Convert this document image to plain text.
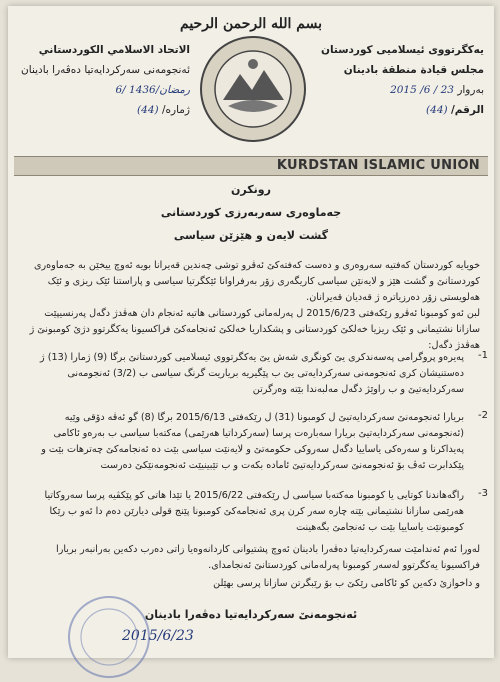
بسم الله الرحمن الرحيم
یەکگرتووی ئیسلامیی کوردستان
مجلس قيادة منطقة بادينان
بەروار 23 / 6/ 2015
الرقم/ (44)
الاتحاد الاسلامي الكوردستاني
ئەنجومەنی سەرکردایەتیا دەڤەرا بادینان
6/ رمضان/1436
ژمارە/ (44)
KURDSTAN ISLAMIC UNION
رونکرن
جەماوەری سەربەرزی کوردستانی
گشت لایەن و هێزێن سیاسی
خویایە کوردستان کەفتیە سەروەری و دەست کەفتەکێ ئەڤرو توشی چەندین قەیرانا بویە ئەوچ ییخێن بە جەماوەری کوردستانێ و گشت هێز و لایەنێن سیاسی کاریگەری زۆر بەرفراوانا ئێکگرتیا سیاسی و پاراستنا ئێک ریزی و ئێک هەلویستی زۆر دەرزیاترە ژ قەدیان قەیرانان.
لبن ئەو کومبونا ئەڤرو رێکەفتی 2015/6/23 ل پەرلەمانی کوردستانی هاتیە ئەنجام دان ھەڤدژ دگەل پەرنسیپێت سازانا نشتیمانی و ئێک ریزیا خەلکێ کوردستانی و پشکداریا خەلکێ ئەنجامەکێ فراکسیونا یەکگرتوو دژێ کومبونێ ژ ھەڤدژ دگەل:
-1
پەیرەو پروگرامی پەسەندکری یێ کونگری شەش یێ یەکگرتووی ئیسلامیی کوردستانێ برگا (9) ژمارا (13) ژ دەستنیشان کری ئەنجومەنی سەرکردایەتی یێ ب پێگیریە بریاریت گرنگ سیاسی ب (3/2) ئەنجومەنی سەرکردایەتیێ و ب راوێژ دگەل مەلبەندا بێتە وەرگرتن
-2
بریارا ئەنجومەنێ سەرکردایەتیێ ل کومبونا (31) ل رێکەفتی 2015/6/13 برگا (8) گو ئەڤە دۆقی وێیە (ئەنجومەنی سەرکردایەتیێ بریارا سەبارەت پرسا (سەرکرداتیا هەرێمی) مەکتەبا سیاسی ب بەرەو ئاکامی پەیداکرنا و سەرەکی یاساییا دگەل سەروکی حکومەتێ و لایەنێت سیاسی بێت دە ئەنجامەکێ چەترهات بێت و پێکدابرت ئەڤ بۆ ئەنجومەنێ سەرکردایەتیێ ئامادە بکەت و ب تێبینیێت ئەنجومەنێکێ دەرست
-3
راگەهاندنا کوتایی یا کومبونا مەکتەبا سیاسی ل رێکەفتی 2015/6/22 یا تێدا هاتی کو پێکڤیە پرسا سەروکاتیا هەرێمی سازانا نشتیمانی بێتە چارە سەر کرن پری ئەنجامەکێ کومبونا پێنج قولی دیارێن دەم دا ئەو ب رێکا کومبونێت یاساییا بێت ب ئەنجامێ بگەهینت
لەورا ئەم ئەندامێت سەرکردایەتیا دەڤەرا بادینان ئەوچ پشتیوانی کاردانەوەیا زاتی دەرب دکەین بەرانبەر بریارا فراکسیونا یەکگرتوو لەسەر کومبونا پەرلەمانی کوردستانێ ئەنجامدای.
و داخوازێ دکەین کو ئاکامی رێکێ ب بۆ رێبگرتن سازانا پرسی بهێلن
ئەنجومەنێ سەرکردایەتیا دەڤەرا بادینان
2015/6/23
